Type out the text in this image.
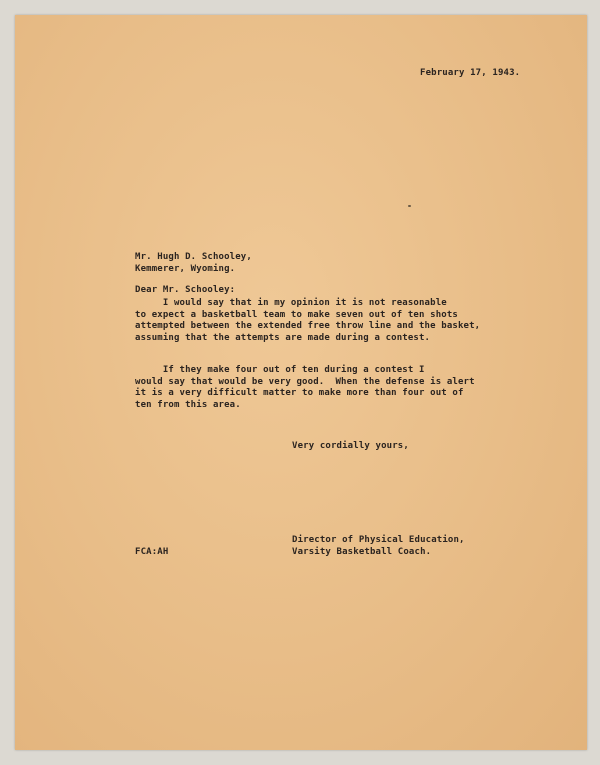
February 17, 1943.
Mr. Hugh D. Schooley,
Kemmerer, Wyoming.
Dear Mr. Schooley:
I would say that in my opinion it is not reasonable
to expect a basketball team to make seven out of ten shots
attempted between the extended free throw line and the basket,
assuming that the attempts are made during a contest.
If they make four out of ten during a contest I
would say that would be very good.  When the defense is alert
it is a very difficult matter to make more than four out of
ten from this area.
Very cordially yours,
Director of Physical Education,
Varsity Basketball Coach.
FCA:AH
